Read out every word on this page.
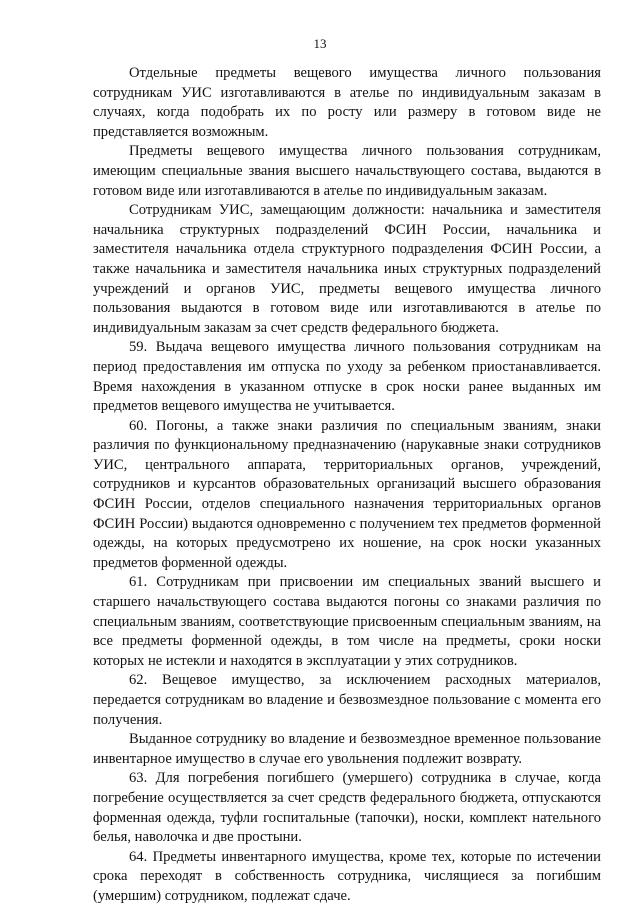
13

Отдельные предметы вещевого имущества личного пользования сотрудникам УИС изготавливаются в ателье по индивидуальным заказам в случаях, когда подобрать их по росту или размеру в готовом виде не представляется возможным.

Предметы вещевого имущества личного пользования сотрудникам, имеющим специальные звания высшего начальствующего состава, выдаются в готовом виде или изготавливаются в ателье по индивидуальным заказам.

Сотрудникам УИС, замещающим должности: начальника и заместителя начальника структурных подразделений ФСИН России, начальника и заместителя начальника отдела структурного подразделения ФСИН России, а также начальника и заместителя начальника иных структурных подразделений учреждений и органов УИС, предметы вещевого имущества личного пользования выдаются в готовом виде или изготавливаются в ателье по индивидуальным заказам за счет средств федерального бюджета.

59. Выдача вещевого имущества личного пользования сотрудникам на период предоставления им отпуска по уходу за ребенком приостанавливается. Время нахождения в указанном отпуске в срок носки ранее выданных им предметов вещевого имущества не учитывается.

60. Погоны, а также знаки различия по специальным званиям, знаки различия по функциональному предназначению (нарукавные знаки сотрудников УИС, центрального аппарата, территориальных органов, учреждений, сотрудников и курсантов образовательных организаций высшего образования ФСИН России, отделов специального назначения территориальных органов ФСИН России) выдаются одновременно с получением тех предметов форменной одежды, на которых предусмотрено их ношение, на срок носки указанных предметов форменной одежды.

61. Сотрудникам при присвоении им специальных званий высшего и старшего начальствующего состава выдаются погоны со знаками различия по специальным званиям, соответствующие присвоенным специальным званиям, на все предметы форменной одежды, в том числе на предметы, сроки носки которых не истекли и находятся в эксплуатации у этих сотрудников.

62. Вещевое имущество, за исключением расходных материалов, передается сотрудникам во владение и безвозмездное пользование с момента его получения.

Выданное сотруднику во владение и безвозмездное временное пользование инвентарное имущество в случае его увольнения подлежит возврату.

63. Для погребения погибшего (умершего) сотрудника в случае, когда погребение осуществляется за счет средств федерального бюджета, отпускаются форменная одежда, туфли госпитальные (тапочки), носки, комплект нательного белья, наволочка и две простыни.

64. Предметы инвентарного имущества, кроме тех, которые по истечении срока переходят в собственность сотрудника, числящиеся за погибшим (умершим) сотрудником, подлежат сдаче.
